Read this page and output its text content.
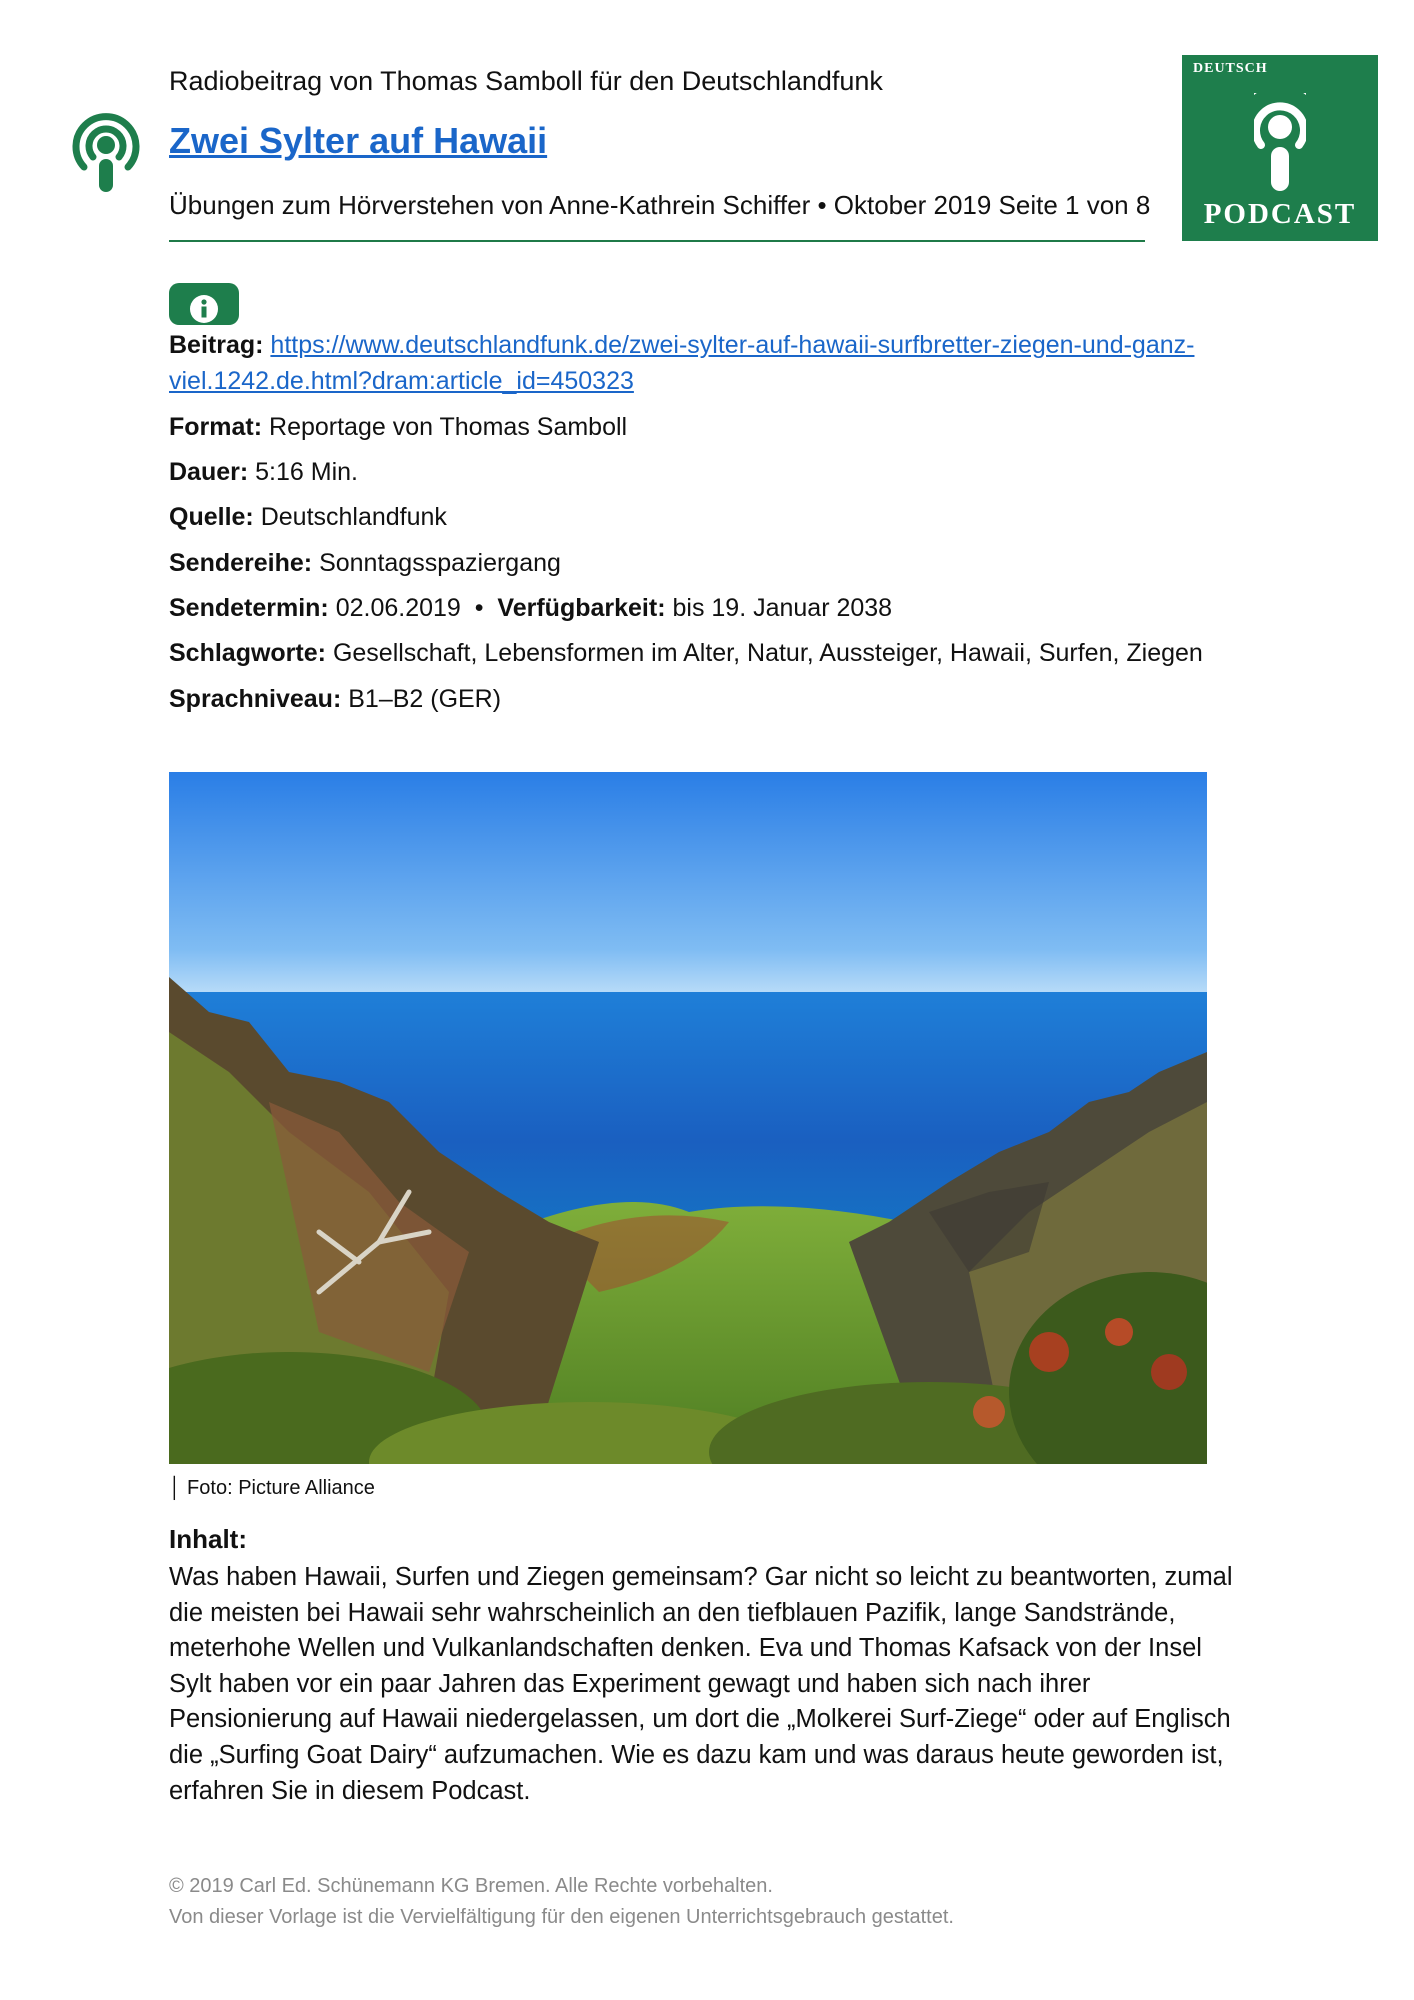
Radiobeitrag von Thomas Samboll für den Deutschlandfunk
Zwei Sylter auf Hawaii
Übungen zum Hörverstehen von Anne-Kathrein Schiffer • Oktober 2019 Seite 1 von 8
DEUTSCH
PODCAST
Beitrag: https://www.deutschlandfunk.de/zwei-sylter-auf-hawaii-surfbretter-ziegen-und-ganz-
viel.1242.de.html?dram:article_id=450323
Format: Reportage von Thomas Samboll
Dauer: 5:16 Min.
Quelle: Deutschlandfunk
Sendereihe: Sonntagsspaziergang
Sendetermin: 02.06.2019 • Verfügbarkeit: bis 19. Januar 2038
Schlagworte: Gesellschaft, Lebensformen im Alter, Natur, Aussteiger, Hawaii, Surfen, Ziegen
Sprachniveau: B1–B2 (GER)
│ Foto: Picture Alliance
Inhalt:
Was haben Hawaii, Surfen und Ziegen gemeinsam? Gar nicht so leicht zu beantworten, zumal
die meisten bei Hawaii sehr wahrscheinlich an den tiefblauen Pazifik, lange Sandstrände,
meterhohe Wellen und Vulkanlandschaften denken. Eva und Thomas Kafsack von der Insel
Sylt haben vor ein paar Jahren das Experiment gewagt und haben sich nach ihrer
Pensionierung auf Hawaii niedergelassen, um dort die „Molkerei Surf-Ziege“ oder auf Englisch
die „Surfing Goat Dairy“ aufzumachen. Wie es dazu kam und was daraus heute geworden ist,
erfahren Sie in diesem Podcast.
© 2019 Carl Ed. Schünemann KG Bremen. Alle Rechte vorbehalten.
Von dieser Vorlage ist die Vervielfältigung für den eigenen Unterrichtsgebrauch gestattet.
